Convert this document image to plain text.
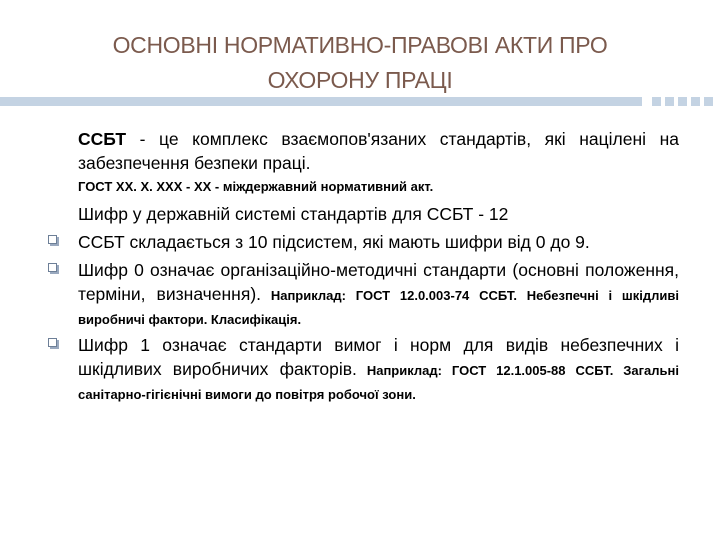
ОСНОВНІ НОРМАТИВНО-ПРАВОВІ АКТИ ПРО
ОХОРОНУ ПРАЦІ

ССБТ - це комплекс взаємопов'язаних стандартів, які націлені на забезпечення безпеки праці.

ГОСТ ХХ. Х. ХХХ - ХХ - міждержавний нормативний акт.

Шифр у державній системі стандартів для ССБТ - 12

ССБТ складається з 10 підсистем, які мають шифри від 0 до 9.

Шифр 0 означає організаційно-методичні стандарти (основні положення, терміни, визначення). Наприклад: ГОСТ 12.0.003-74 ССБТ. Небезпечні і шкідливі виробничі фактори. Класифікація.

Шифр 1 означає стандарти вимог і норм для видів небезпечних і шкідливих виробничих факторів. Наприклад: ГОСТ 12.1.005-88 ССБТ. Загальні санітарно-гігієнічні вимоги до повітря робочої зони.
